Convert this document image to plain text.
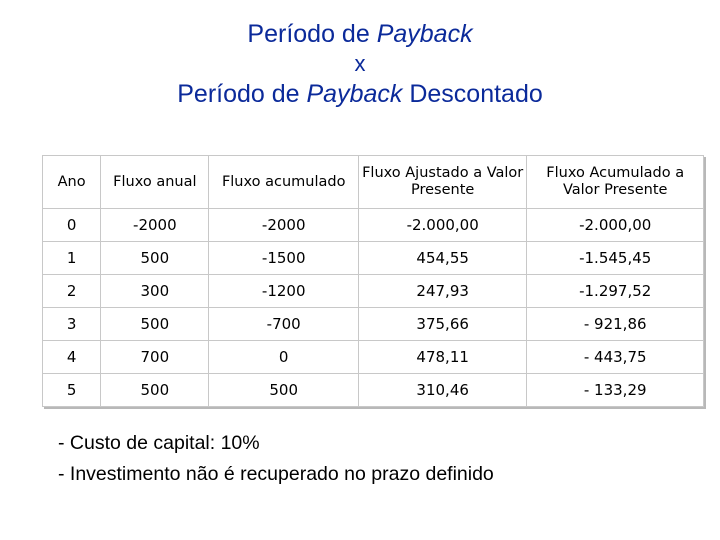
Período de Payback
x
Período de Payback Descontado
Ano	Fluxo anual	Fluxo acumulado	Fluxo Ajustado a Valor Presente	Fluxo Acumulado a Valor Presente
0	-2000	-2000	-2.000,00	-2.000,00
1	500	-1500	454,55	-1.545,45
2	300	-1200	247,93	-1.297,52
3	500	-700	375,66	- 921,86
4	700	0	478,11	- 443,75
5	500	500	310,46	- 133,29
- Custo de capital: 10%
- Investimento não é recuperado no prazo definido
